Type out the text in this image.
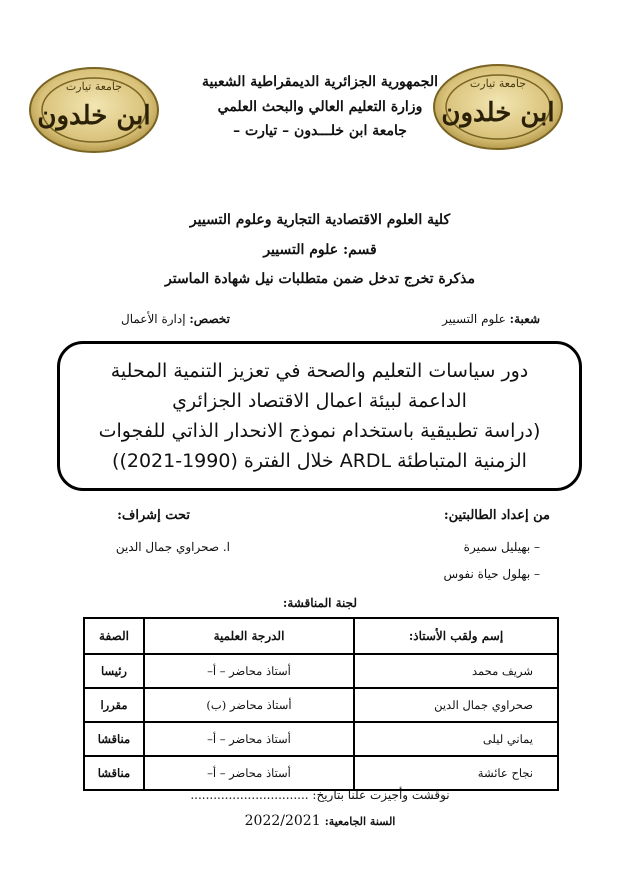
جامعة تيارت
ابن خلدون
جامعة تيارت
ابن خلدون
الجمهورية الجزائرية الديمقراطية الشعبية
وزارة التعليم العالي والبحث العلمي
جامعة ابن خلـــدون – تيارت –
كلية العلوم الاقتصادية التجارية وعلوم التسيير
قسم: علوم التسيير
مذكرة تخرج تدخل ضمن متطلبات نيل شهادة الماستر
شعبة: علوم التسيير
تخصص: إدارة الأعمال
دور سياسات التعليم والصحة في تعزيز التنمية المحلية
الداعمة لبيئة اعمال الاقتصاد الجزائري
(دراسة تطبيقية باستخدام نموذج الانحدار الذاتي للفجوات
الزمنية المتباطئة ARDL خلال الفترة (1990-2021))
من إعداد الطالبتين:
– بهيليل سميرة
– بهلول حياة نفوس
تحت إشراف:
ا. صحراوي جمال الدين
لجنة المناقشة:
إسم ولقب الأستاذ:	الدرجة العلمية	الصفة
شريف محمد	أستاذ محاضر – أ–	رئيسا
صحراوي جمال الدين	أستاذ محاضر (ب)	مقررا
يماني ليلى	أستاذ محاضر – أ–	مناقشا
نجاح عائشة	أستاذ محاضر – أ–	مناقشا
نوقشت وأجيزت علنا بتاريخ: ...............................
السنة الجامعية: 2022/2021
